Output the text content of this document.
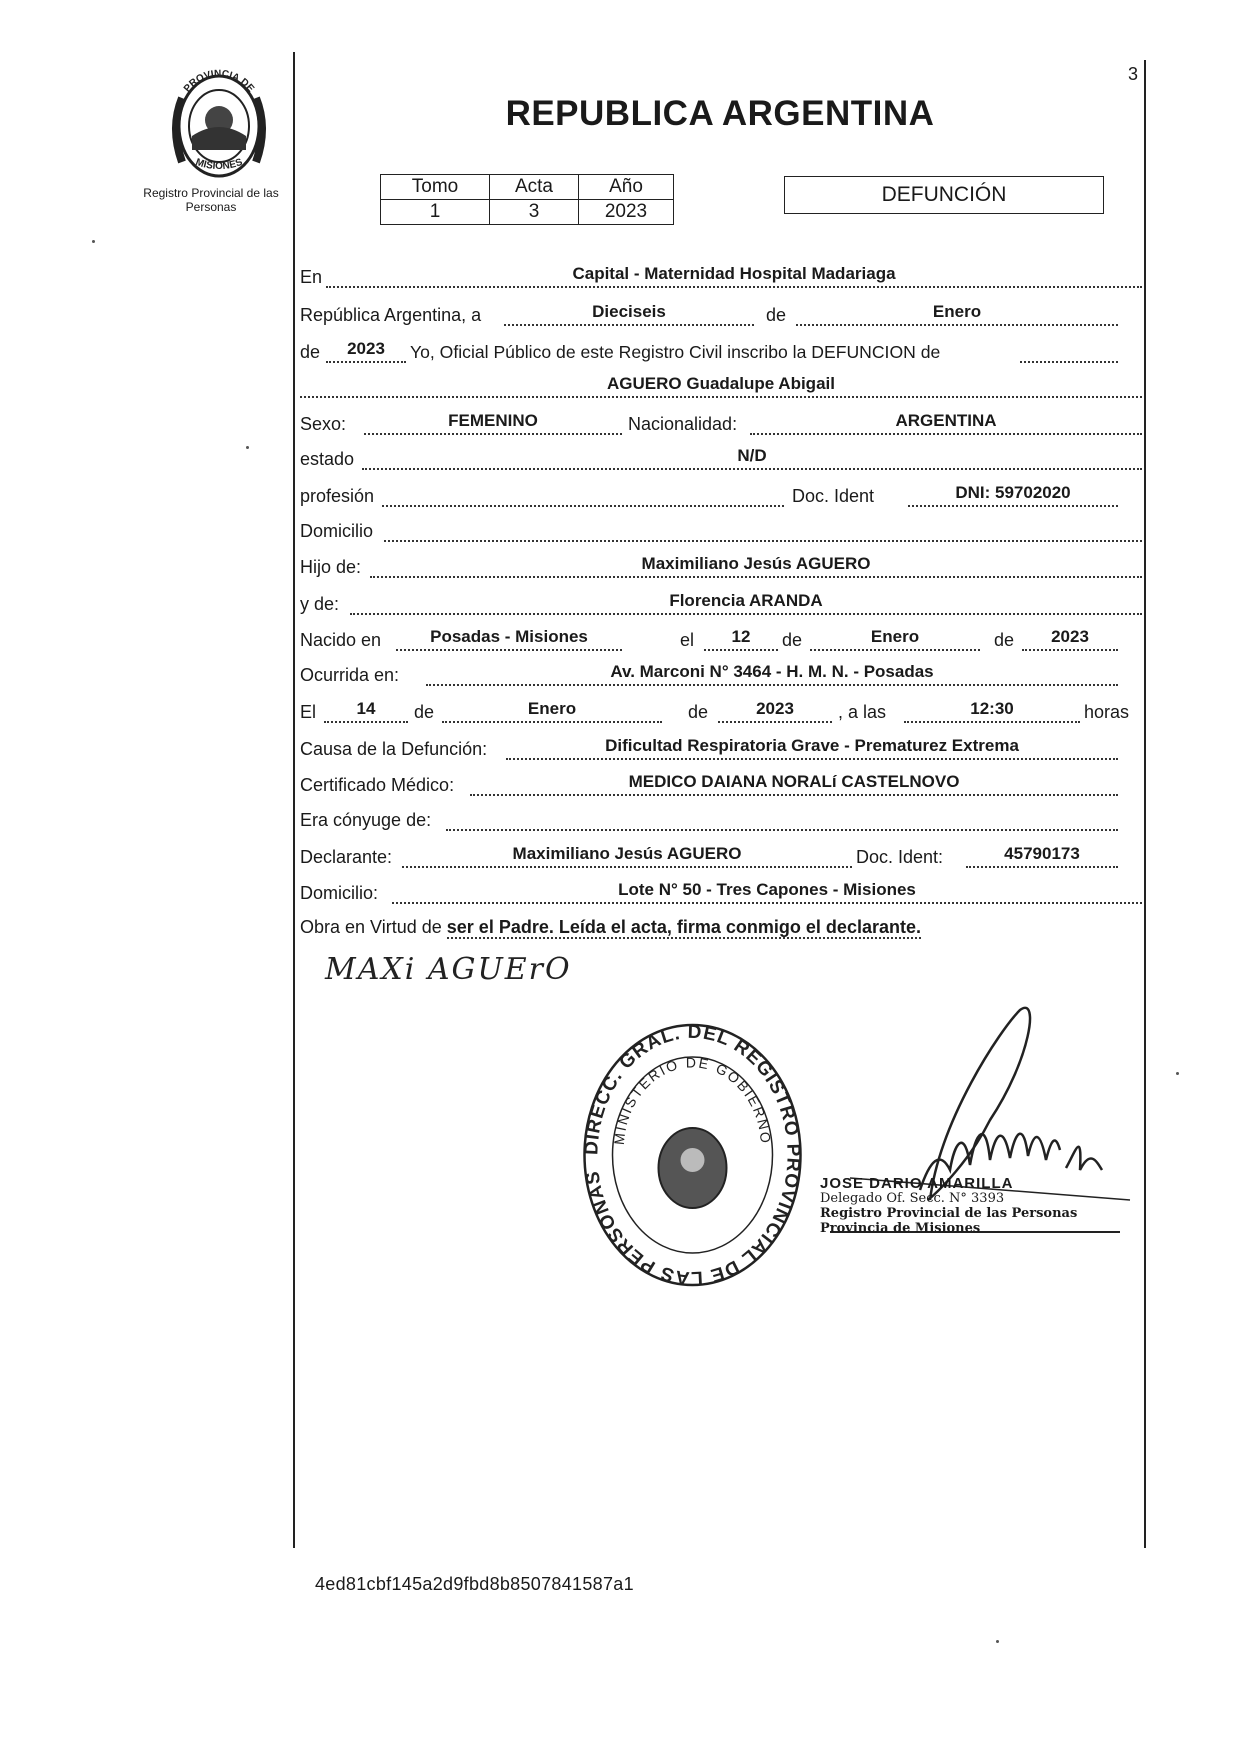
PROVINCIA DE
MISIONES
Registro Provincial de las Personas
3
REPUBLICA ARGENTINA
Tomo	Acta	Año
1	3	2023
DEFUNCIÓN
En	Capital - Maternidad Hospital Madariaga
República Argentina, a	Dieciseis	de	Enero
de	2023	Yo, Oficial Público de este Registro Civil inscribo la DEFUNCION de
AGUERO Guadalupe Abigail
Sexo:	FEMENINO	Nacionalidad:	ARGENTINA
estado	N/D
profesión	Doc. Ident	DNI: 59702020
Domicilio
Hijo de:	Maximiliano Jesús AGUERO
y de:	Florencia ARANDA
Nacido en	Posadas - Misiones	el	12	de	Enero	de	2023
Ocurrida en:	Av. Marconi N° 3464 - H. M. N. - Posadas
El	14	de	Enero	de	2023	, a las	12:30	horas
Causa de la Defunción:	Dificultad Respiratoria Grave - Prematurez Extrema
Certificado Médico:	MEDICO DAIANA NORALí CASTELNOVO
Era cónyuge de:
Declarante:	Maximiliano Jesús AGUERO	Doc. Ident:	45790173
Domicilio:	Lote N° 50 - Tres Capones - Misiones
Obra en Virtud de ser el Padre. Leída el acta, firma conmigo el declarante.
MAXi AGUErO
DIRECC. GRAL. DEL REGISTRO PROVINCIAL DE LAS PERSONAS
MINISTERIO DE GOBIERNO
JOSE DARIO AMARILLA
Delegado Of. Secc. N° 3393
Registro Provincial de las Personas
Provincia de Misiones
4ed81cbf145a2d9fbd8b8507841587a1
